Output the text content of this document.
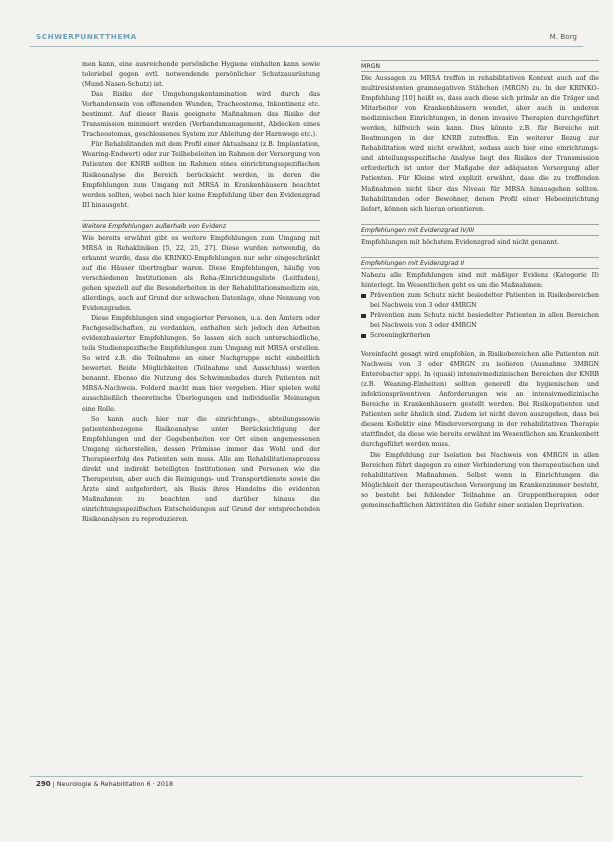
SCHWERPUNKTTHEMA	M. Borg

men kann, eine ausreichende persönliche Hygiene einhalten kann sowie toleriebel gegen evtl. notwendende persönlicher Schutzausrüstung (Mund-Nasen-Schutz) ist.

Das Risiko der Umgebungskontamination wird durch das Vorhandensein von offenenden Wunden, Tracheostoma, Inkontinenz etc. bestimmt. Auf dieser Basis geeignete Maßnahmen das Risiko der Transmission minimiert werden (Verbandsmanagement, Abdecken eines Tracheostomas, geschlossenes System zur Ableitung der Harnwege etc.).

Für Rehabilitanden mit dem Profil einer Aktualnanz (z.B. Implantation, Wearing-Endwert) oder zur Teilhebeleiten im Rahmen der Versorgung von Patienten der KNRB sollten im Rahmen eines einrichtungsspezifischen Risikoanalyse die Bereich berücksicht werden, in deren die Empfehlungen zum Umgang mit MRSA in Krankenhäusern beachtet werden sollten, wobei nach hier keine Empfehlung über den Evidenzgrad III hinausgeht.

Weitere Empfehlungen außerhalb von Evidenz

Wie bereits erwähnt gibt es weitere Empfehlungen zum Umgang mit MRSA in Rehakliniken [5, 22, 25, 27]. Diese wurden notwendig, da erkannt wurde, dass die KRINKO-Empfehlungen nur sehr eingeschränkt auf die Häuser übertragbar waren. Diese Empfehlungen, häufig von verschiedenen Institutionen als Reha-/Einrichtungsliste (Leitfaden), gehen speziell auf die Besonderheiten in der Rehabilitationsmedizin ein, allerdings, auch auf Grund der schwachen Datenlage, ohne Nennung von Evidenzgraden.

Diese Empfehlungen sind engagierter Personen, u.a. den Ämtern oder Fachgesellschaften, zu verdanken, enthalten sich jedoch den Arbeiten evidenzbasierter Empfehlungen. So lassen sich auch unterschiedliche, teils Studienspezifische Empfehlungen zum Umgang mit MRSA erstellen. So wird z.B. die Teilnahme an einer Nachgruppe nicht einheitlich bewertet. Beide Möglichkeiten (Teilnahme und Ausschluss) werden benannt. Ebenso die Nutzung des Schwimmbades durch Patienten mit MRSA-Nachweis. Folderd macht man hier vergeben. Hier spielen wohl ausschließlich theoretische Überlegungen und individuelle Meinungen eine Rolle.

So kann auch hier nur die einrichtungs-, abteilungssowie patientenbezogene Risikoanalyse unter Berücksichtigung der Empfehlungen und der Gegebenheiten vor Ort einen angemessenen Umgang sicherstellen, dessen Prämisse immer das Wohl und der Therapieerfolg des Patienten sein muss. Alle am Rehabilitationsprozess direkt und indirekt beteiligten Institutionen und Personen wie die Therapeuten, aber auch die Reinigungs- und Transportdienste sowie die Ärzte sind aufgefordert, als Basis ihres Handelns die evidenten Maßnahmen zu beachten und darüber hinaus die einrichtungsspezifischen Entscheidungen auf Grund der entsprechenden Risikoanalysen zu reproduzieren.

MRGN

Die Aussagen zu MRSA treffen in rehabilitativen Kontext auch auf die multiresistenten gramnegativen Stäbchen (MRGN) zu. In der KRINKO-Empfehlung [10] heißt es, dass auch diese sich primär an die Träger und Mitarbeiter von Krankenhäusern wendet, aber auch in anderen medizinischen Einrichtungen, in denen invasive Therapien durchgeführt werden, hilfreich sein kann. Dies könnte z.B. für Bereiche mit Beatmungen in der KNRB zutreffen. Ein weiterer Bezug zur Rehabilitation wird nicht erwähnt, sodass auch hier eine einrichtungs- und abteilungsspezifische Analyse liegt des Risikos der Transmission erforderlich ist unter der Maßgabe der adäquaten Versorgung aller Patienten. Für Kleine wird explizit erwähnt, dass die zu treffenden Maßnahmen nicht über das Niveau für MRSA hinausgehen sollten. Rehabilitanden oder Bewohner, denen Profil einer Hebeeinrichtung liefert, können sich hieran orientieren.

Empfehlungen mit Evidenzgrad IV/III

Empfehlungen mit höchstem Evidenzgrad sind nicht genannt.

Empfehlungen mit Evidenzgrad II

Nahezu alle Empfehlungen sind mit mäßiger Evidenz (Kategorie II) hinterlegt. Im Wesentlichen geht es um die Maßnahmen:

Prävention zum Schutz nicht besiedelter Patienten in Risikobereichen bei Nachweis von 3 oder 4MRGN
Prävention zum Schutz nicht besiedelter Patienten in allen Bereichen bei Nachweis von 3 oder 4MRGN
Screeningkriterien

Vereinfacht gesagt wird empfohlen, in Risikobereichen alle Patienten mit Nachweis von 3 oder 4MRGN zu isolieren (Ausnahme 3MRGN Enterobacter spp). In (quasi) intensivmedizinischen Bereichen der KNRB (z.B. Weaning-Einheiten) sollten generell die hygienischen und infektionspräventiven Anforderungen wie an intensivmedizinische Bereiche in Krankenhäusern gestellt werden. Bei Risikopatienten und Patienten sehr ähnlich sind. Zudem ist nicht davon auszugehen, dass bei diesem Kollektiv eine Minderversorgung in der rehabilitativen Therapie stattfindet, da diese wie bereits erwähnt im Wesentlichen am Krankenbett durchgeführt werden muss.

Die Empfehlung zur Isolation bei Nachweis von 4MRGN in allen Bereichen führt dagegen zu einer Verhinderung von therapeutischen und rehabilitativen Maßnahmen. Selbst wenn in Einrichtungen die Möglichkeit der therapeutischen Versorgung im Krankenzimmer besteht, so besteht bei fehlender Teilnahme an Gruppentherapien oder gemeinschaftlichen Aktivitäten die Gefahr einer sozialen Deprivation.

290 | Neurologie & Rehabilitation 6 · 2018
